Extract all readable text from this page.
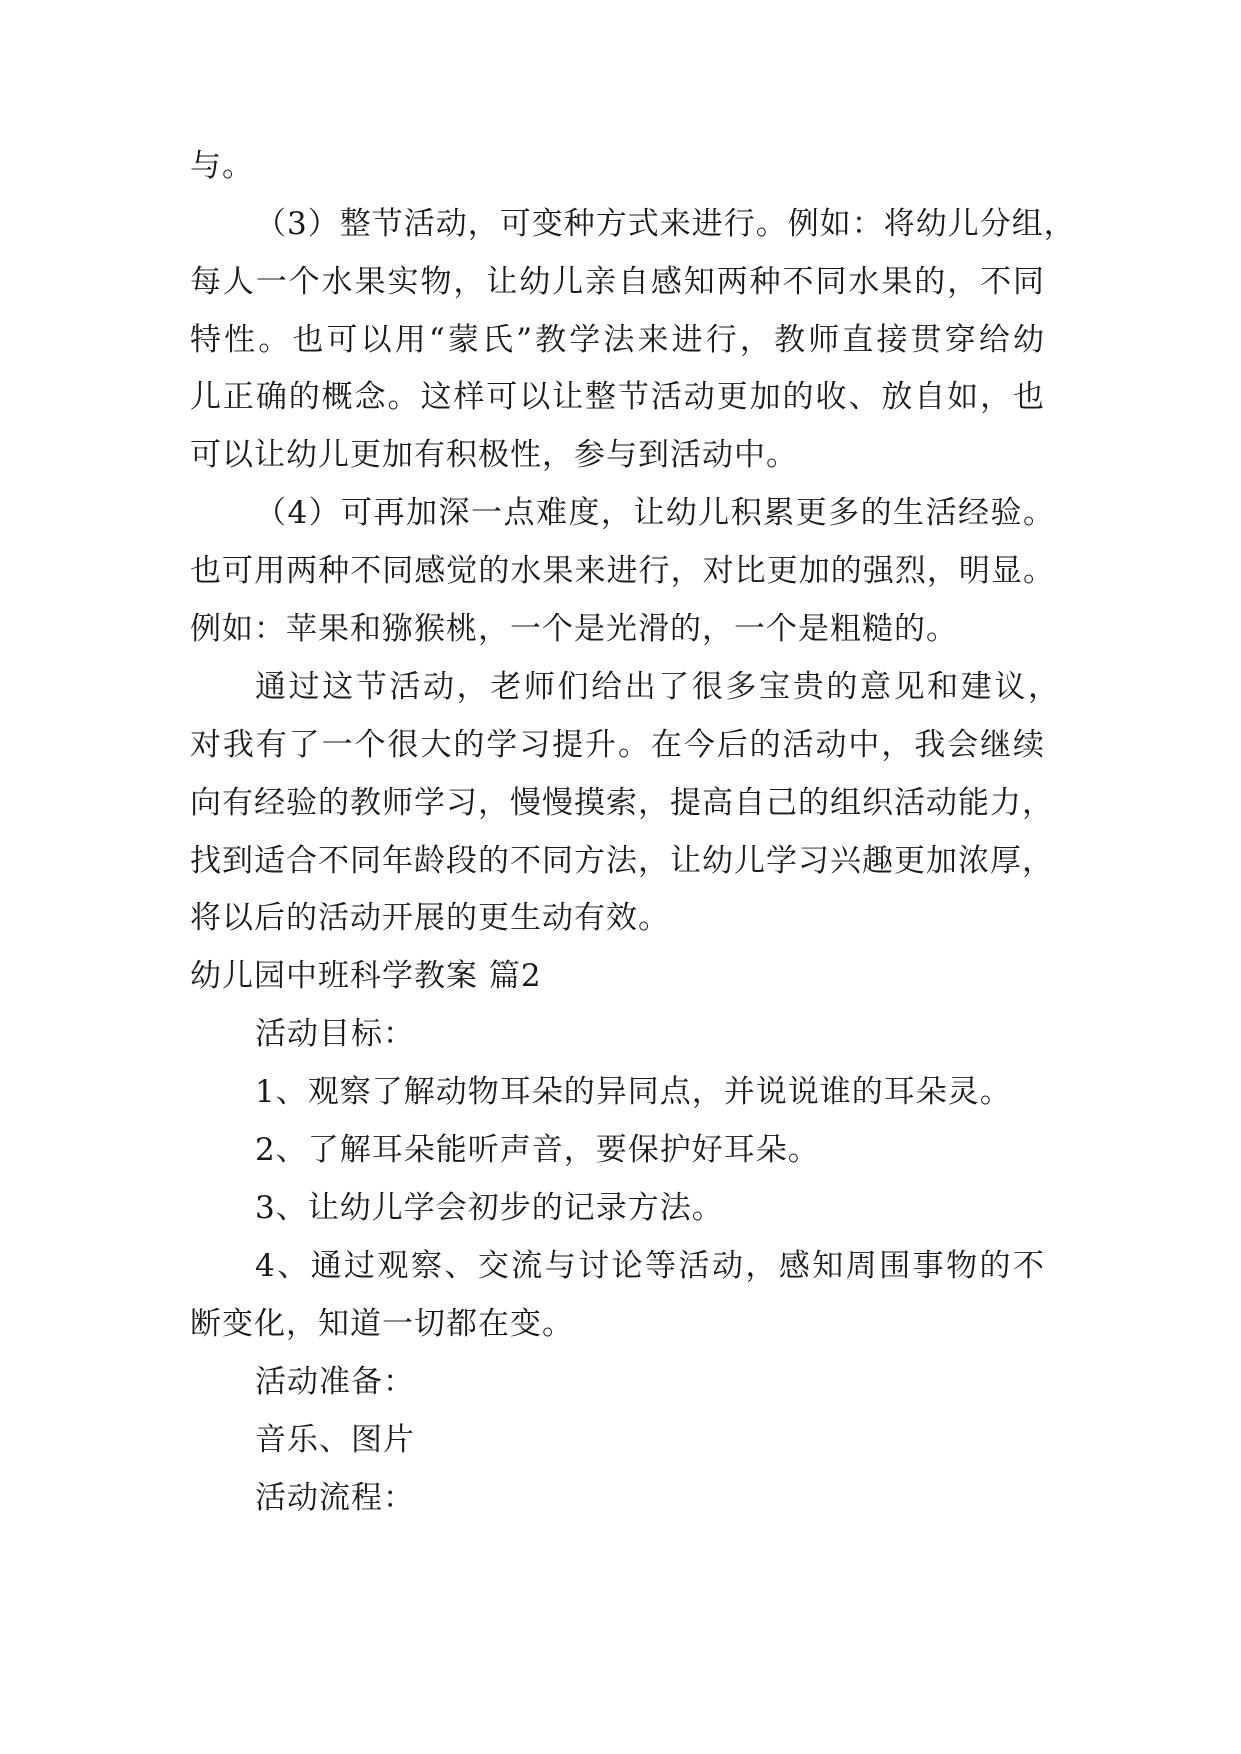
与。
（3）整节活动，可变种方式来进行。例如：将幼儿分组，
每人一个水果实物，让幼儿亲自感知两种不同水果的，不同
特性。也可以用“蒙氏”教学法来进行，教师直接贯穿给幼
儿正确的概念。这样可以让整节活动更加的收、放自如，也
可以让幼儿更加有积极性，参与到活动中。
（4）可再加深一点难度，让幼儿积累更多的生活经验。
也可用两种不同感觉的水果来进行，对比更加的强烈，明显。
例如：苹果和猕猴桃，一个是光滑的，一个是粗糙的。
通过这节活动，老师们给出了很多宝贵的意见和建议，
对我有了一个很大的学习提升。在今后的活动中，我会继续
向有经验的教师学习，慢慢摸索，提高自己的组织活动能力，
找到适合不同年龄段的不同方法，让幼儿学习兴趣更加浓厚，
将以后的活动开展的更生动有效。
幼儿园中班科学教案 篇2
活动目标：
1、观察了解动物耳朵的异同点，并说说谁的耳朵灵。
2、了解耳朵能听声音，要保护好耳朵。
3、让幼儿学会初步的记录方法。
4、通过观察、交流与讨论等活动，感知周围事物的不
断变化，知道一切都在变。
活动准备：
音乐、图片
活动流程：
